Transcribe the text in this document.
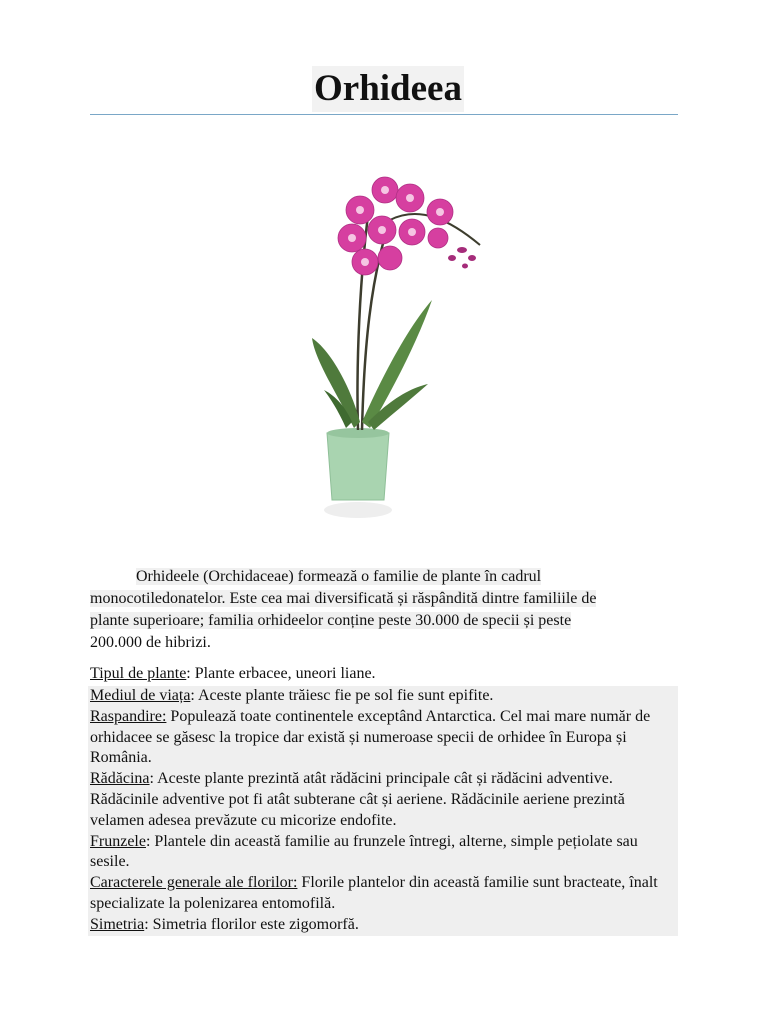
Orhideea
Orhideele (Orchidaceae) formează o familie de plante în cadrul
monocotiledonatelor. Este cea mai diversificată și răspândită dintre familiile de
plante superioare; familia orhideelor conține peste 30.000 de specii și peste
200.000 de hibrizi.
Tipul de plante: Plante erbacee, uneori liane.
Mediul de viața: Aceste plante trăiesc fie pe sol fie sunt epifite.
Raspandire: Populează toate continentele exceptând Antarctica. Cel mai mare număr de orhidacee se găsesc la tropice dar există și numeroase specii de orhidee în Europa și România.
Rădăcina: Aceste plante prezintă atât rădăcini principale cât și rădăcini adventive. Rădăcinile adventive pot fi atât subterane cât și aeriene. Rădăcinile aeriene prezintă velamen adesea prevăzute cu micorize endofite.
Frunzele: Plantele din această familie au frunzele întregi, alterne, simple pețiolate sau sesile.
Caracterele generale ale florilor: Florile plantelor din această familie sunt bracteate, înalt specializate la polenizarea entomofilă.
Simetria: Simetria florilor este zigomorfă.
